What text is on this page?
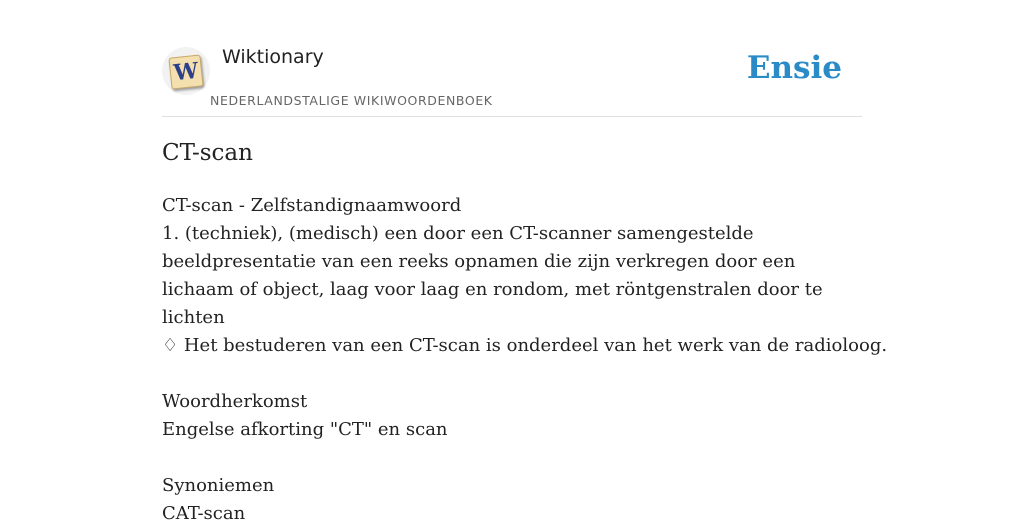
W
Wiktionary
NEDERLANDSTALIGE WIKIWOORDENBOEK
Ensie
CT-scan
CT-scan - Zelfstandignaamwoord
1. (techniek), (medisch) een door een CT-scanner samengestelde beeldpresentatie van een reeks opnamen die zijn verkregen door een lichaam of object, laag voor laag en rondom, met röntgenstralen door te lichten
♢ Het bestuderen van een CT-scan is onderdeel van het werk van de radioloog.
Woordherkomst
Engelse afkorting "CT" en scan
Synoniemen
CAT-scan
